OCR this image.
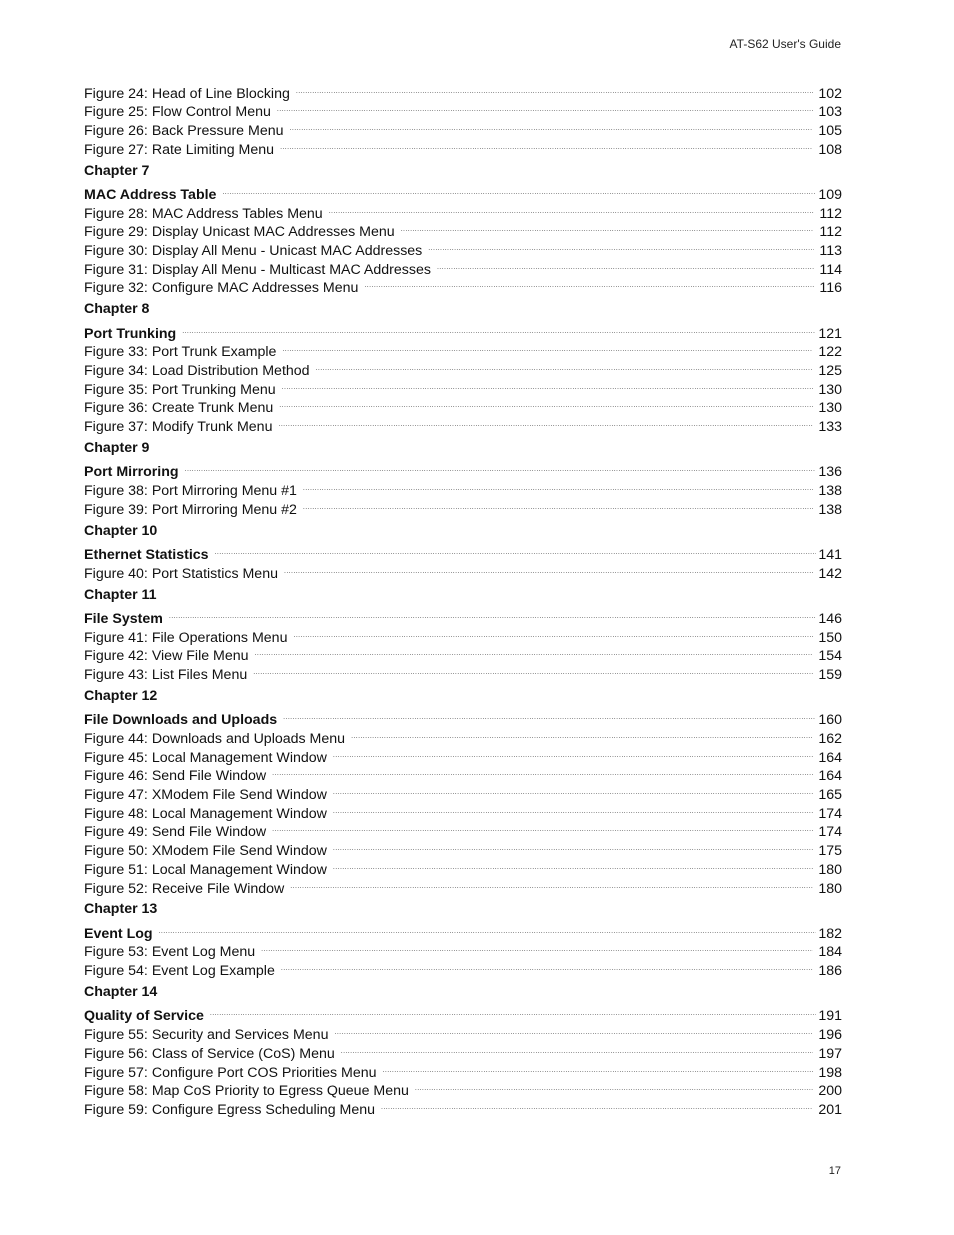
AT-S62 User's Guide
Figure 24: Head of Line Blocking .....	102
Figure 25: Flow Control Menu .....	103
Figure 26: Back Pressure Menu .....	105
Figure 27: Rate Limiting Menu .....	108
Chapter 7
MAC Address Table .....	109
Figure 28: MAC Address Tables Menu .....	112
Figure 29: Display Unicast MAC Addresses Menu .....	112
Figure 30: Display All Menu - Unicast MAC Addresses .....	113
Figure 31: Display All Menu - Multicast MAC Addresses .....	114
Figure 32: Configure MAC Addresses Menu .....	116
Chapter 8
Port Trunking .....	121
Figure 33: Port Trunk Example .....	122
Figure 34: Load Distribution Method .....	125
Figure 35: Port Trunking Menu .....	130
Figure 36: Create Trunk Menu .....	130
Figure 37: Modify Trunk Menu .....	133
Chapter 9
Port Mirroring .....	136
Figure 38: Port Mirroring Menu #1 .....	138
Figure 39: Port Mirroring Menu #2 .....	138
Chapter 10
Ethernet Statistics .....	141
Figure 40: Port Statistics Menu .....	142
Chapter 11
File System .....	146
Figure 41: File Operations Menu .....	150
Figure 42: View File Menu .....	154
Figure 43: List Files Menu .....	159
Chapter 12
File Downloads and Uploads .....	160
Figure 44: Downloads and Uploads Menu .....	162
Figure 45: Local Management Window .....	164
Figure 46: Send File Window .....	164
Figure 47: XModem File Send Window .....	165
Figure 48: Local Management Window .....	174
Figure 49: Send File Window .....	174
Figure 50: XModem File Send Window .....	175
Figure 51: Local Management Window .....	180
Figure 52: Receive File Window .....	180
Chapter 13
Event Log .....	182
Figure 53: Event Log Menu .....	184
Figure 54: Event Log Example .....	186
Chapter 14
Quality of Service .....	191
Figure 55: Security and Services Menu .....	196
Figure 56: Class of Service (CoS) Menu .....	197
Figure 57: Configure Port COS Priorities Menu .....	198
Figure 58: Map CoS Priority to Egress Queue Menu .....	200
Figure 59: Configure Egress Scheduling Menu .....	201
17
